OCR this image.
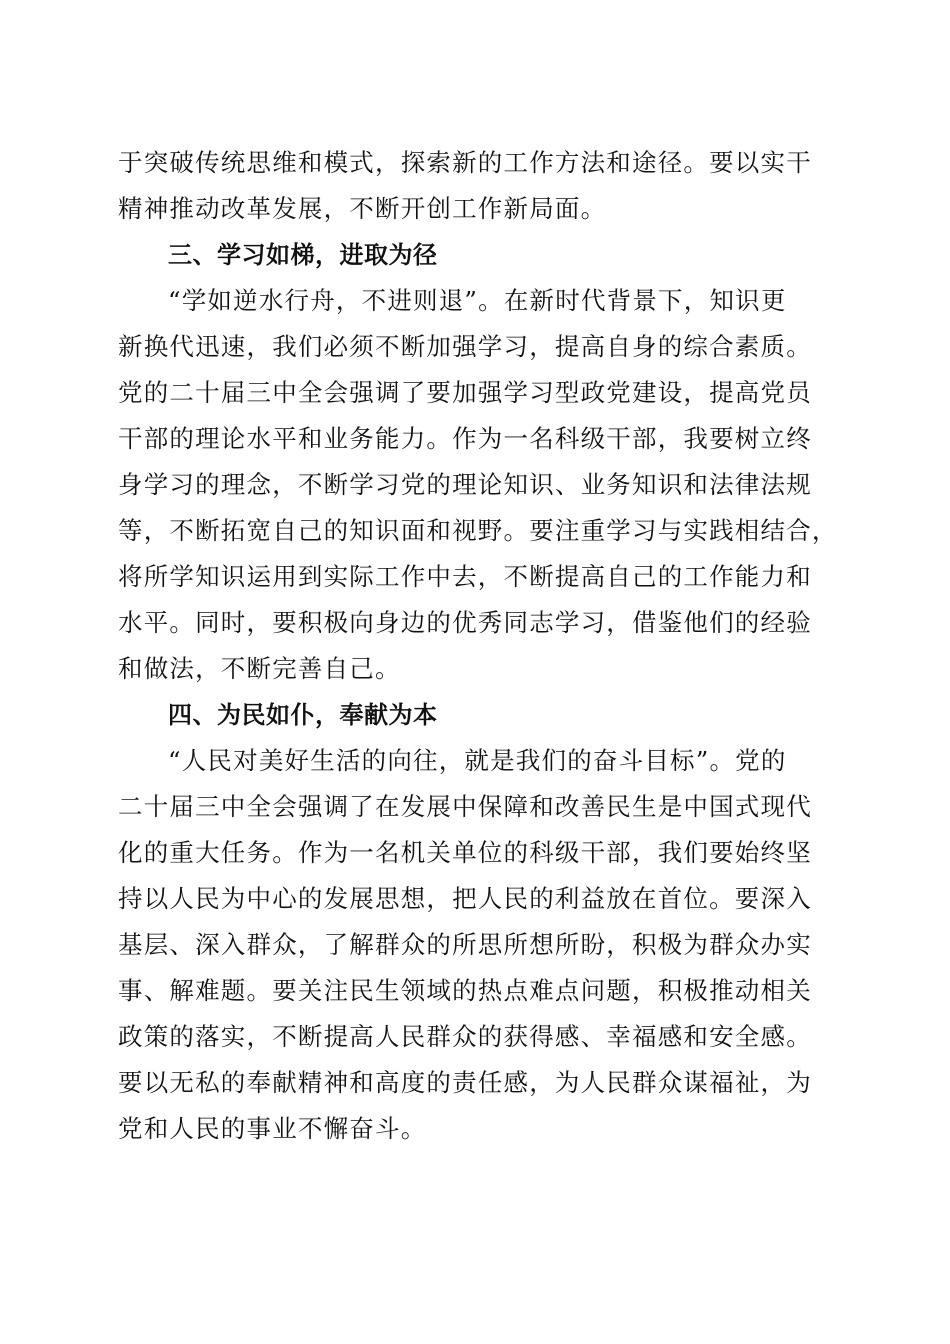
于突破传统思维和模式，探索新的工作方法和途径。要以实干
精神推动改革发展，不断开创工作新局面。
三、学习如梯，进取为径
“学如逆水行舟，不进则退”。在新时代背景下，知识更
新换代迅速，我们必须不断加强学习，提高自身的综合素质。
党的二十届三中全会强调了要加强学习型政党建设，提高党员
干部的理论水平和业务能力。作为一名科级干部，我要树立终
身学习的理念，不断学习党的理论知识、业务知识和法律法规
等，不断拓宽自己的知识面和视野。要注重学习与实践相结合，
将所学知识运用到实际工作中去，不断提高自己的工作能力和
水平。同时，要积极向身边的优秀同志学习，借鉴他们的经验
和做法，不断完善自己。
四、为民如仆，奉献为本
“人民对美好生活的向往，就是我们的奋斗目标”。党的
二十届三中全会强调了在发展中保障和改善民生是中国式现代
化的重大任务。作为一名机关单位的科级干部，我们要始终坚
持以人民为中心的发展思想，把人民的利益放在首位。要深入
基层、深入群众，了解群众的所思所想所盼，积极为群众办实
事、解难题。要关注民生领域的热点难点问题，积极推动相关
政策的落实，不断提高人民群众的获得感、幸福感和安全感。
要以无私的奉献精神和高度的责任感，为人民群众谋福祉，为
党和人民的事业不懈奋斗。
